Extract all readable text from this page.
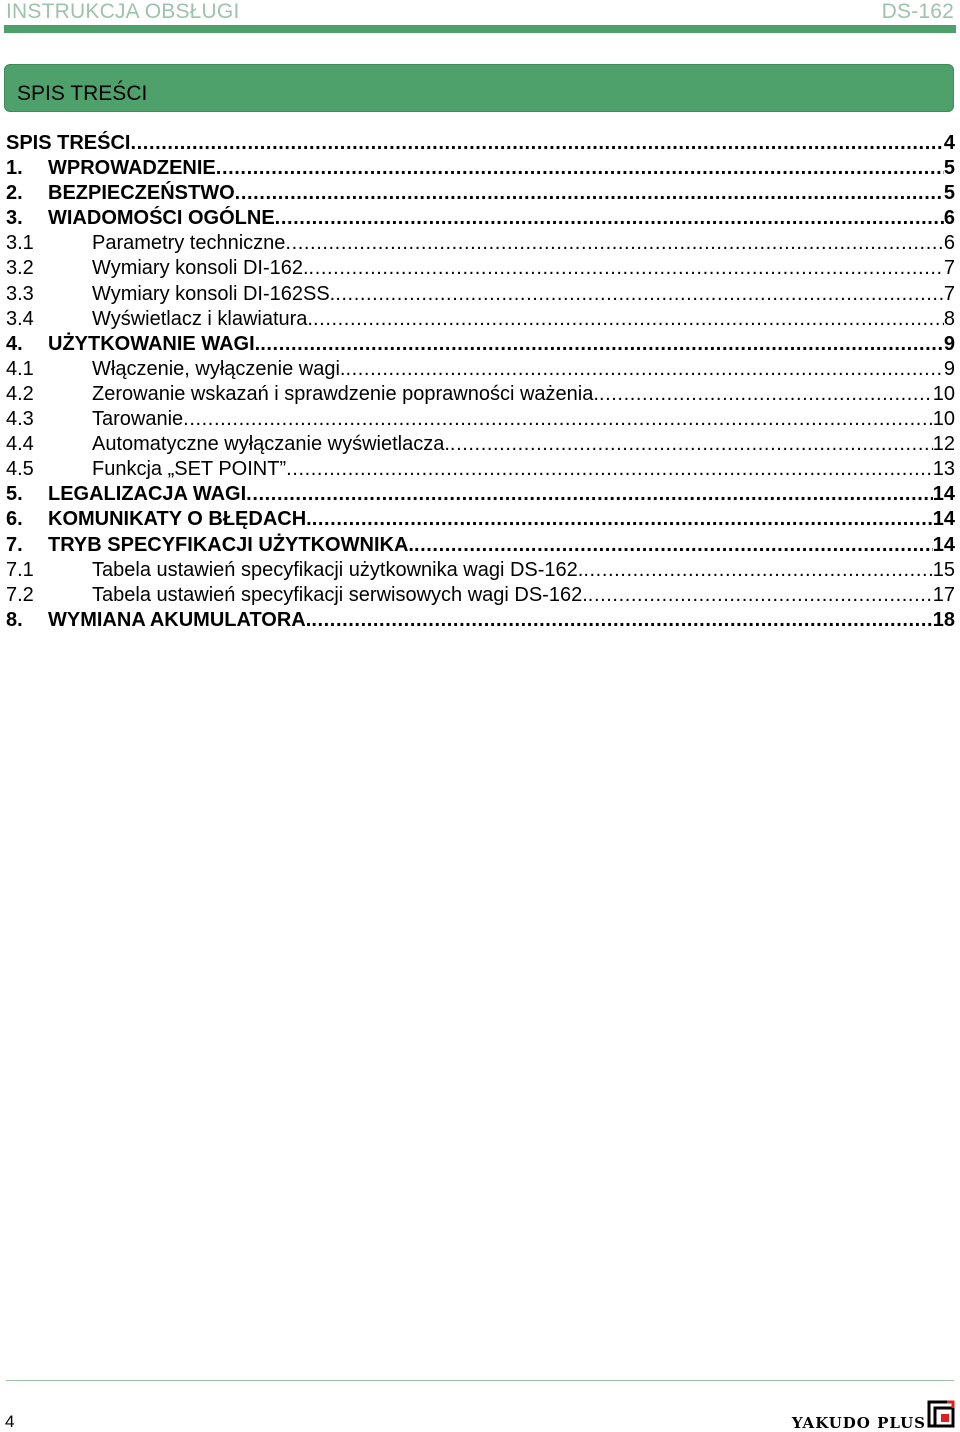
INSTRUKCJA OBSŁUGI	DS-162
SPIS TREŚCI
SPIS TREŚCI .....	4
1.	WPROWADZENIE .....	5
2.	BEZPIECZEŃSTWO .....	5
3.	WIADOMOŚCI OGÓLNE .....	6
3.1	Parametry techniczne .....	6
3.2	Wymiary konsoli DI-162. .....	7
3.3	Wymiary konsoli DI-162SS. .....	7
3.4	Wyświetlacz i klawiatura. .....	8
4.	UŻYTKOWANIE WAGI. .....	9
4.1	Włączenie, wyłączenie wagi. .....	9
4.2	Zerowanie wskazań i sprawdzenie poprawności ważenia. .....	10
4.3	Tarowanie .....	10
4.4	Automatyczne wyłączanie wyświetlacza. .....	12
4.5	Funkcja „SET POINT” .....	13
5.	LEGALIZACJA WAGI .....	14
6.	KOMUNIKATY O BŁĘDACH. .....	14
7.	TRYB SPECYFIKACJI UŻYTKOWNIKA. .....	14
7.1	Tabela ustawień specyfikacji użytkownika wagi DS-162. .....	15
7.2	Tabela ustawień specyfikacji serwisowych wagi DS-162. .....	17
8.	WYMIANA AKUMULATORA. .....	18
4	YAKUDO PLUS
